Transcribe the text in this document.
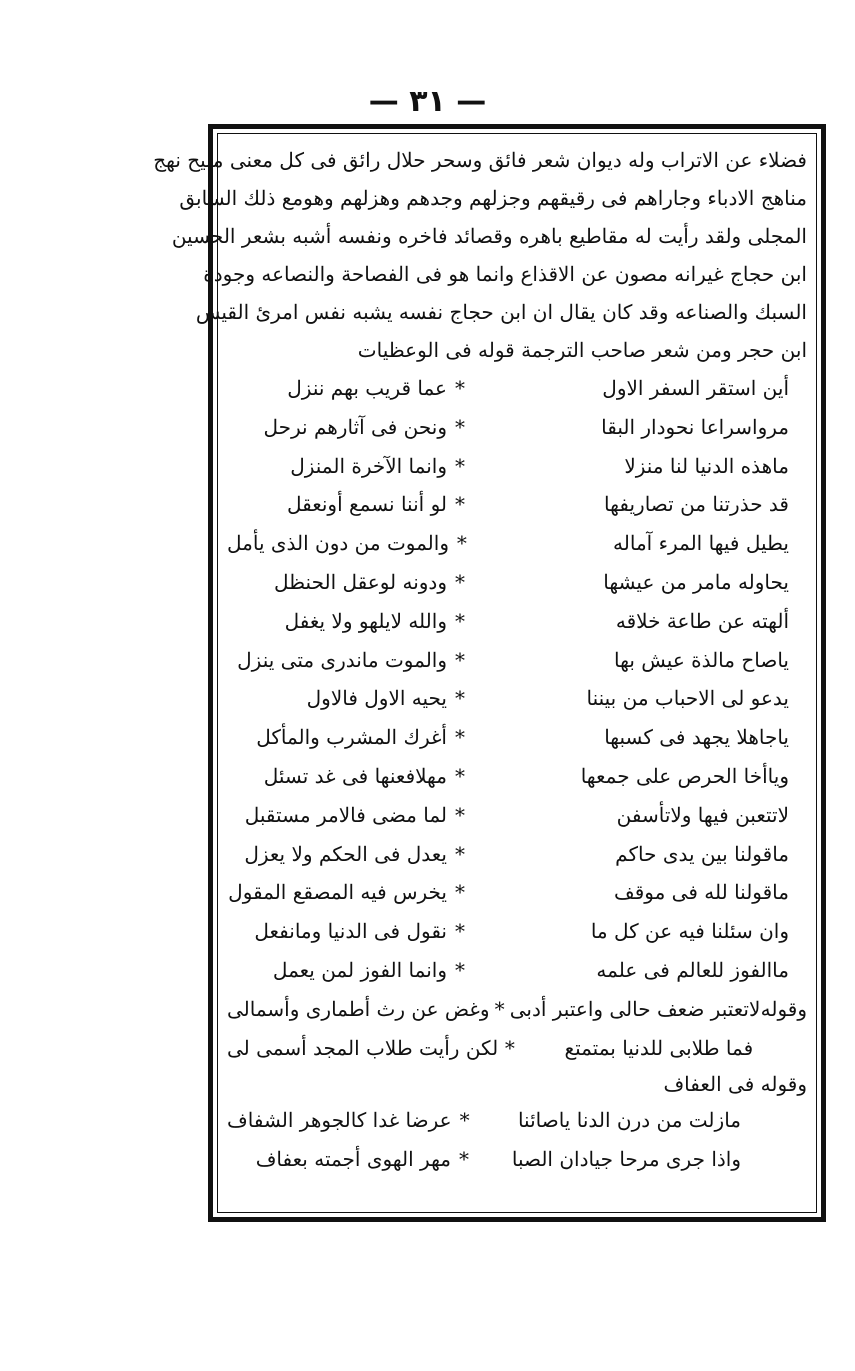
— ٣١ —
فضلاء عن الاتراب وله ديوان شعر فائق وسحر حلال رائق فى كل معنى مليح نهج
مناهج الادباء وجاراهم فى رقيقهم وجزلهم وجدهم وهزلهم وهومع ذلك السابق
المجلى ولقد رأيت له مقاطيع باهره وقصائد فاخره ونفسه أشبه بشعر الحسين
ابن حجاج غيرانه مصون عن الاقذاع وانما هو فى الفصاحة والنصاعه وجودة
السبك والصناعه وقد كان يقال ان ابن حجاج نفسه يشبه نفس امرئ القيس
ابن حجر ومن شعر صاحب الترجمة قوله فى الوعظيات
أين استقر السفر الاول
*
عما قريب بهم ننزل
مرواسراعا نحودار البقا
*
ونحن فى آثارهم نرحل
ماهذه الدنيا لنا منزلا
*
وانما الآخرة المنزل
قد حذرتنا من تصاريفها
*
لو أننا نسمع أونعقل
يطيل فيها المرء آماله
*
والموت من دون الذى يأمل
يحاوله مامر من عيشها
*
ودونه لوعقل الحنظل
ألهته عن طاعة خلاقه
*
والله لايلهو ولا يغفل
ياصاح مالذة عيش بها
*
والموت ماندرى متى ينزل
يدعو لى الاحباب من بيننا
*
يحيه الاول فالاول
ياجاهلا يجهد فى كسبها
*
أغرك المشرب والمأكل
وياأخا الحرص على جمعها
*
مهلافعنها فى غد تسئل
لاتتعبن فيها ولاتأسفن
*
لما مضى فالامر مستقبل
ماقولنا بين يدى حاكم
*
يعدل فى الحكم ولا يعزل
ماقولنا لله فى موقف
*
يخرس فيه المصقع المقول
وان سئلنا فيه عن كل ما
*
نقول فى الدنيا ومانفعل
ماالفوز للعالم فى علمه
*
وانما الفوز لمن يعمل
وقوله
لاتعتبر ضعف حالى واعتبر أدبى
*
وغض عن رث أطمارى وأسمالى
فما طلابى للدنيا بمتمتع
*
لكن رأيت طلاب المجد أسمى لى
وقوله فى العفاف
مازلت من درن الدنا ياصائنا
*
عرضا غدا كالجوهر الشفاف
واذا جرى مرحا جيادان الصبا
*
مهر الهوى أجمته بعفاف
